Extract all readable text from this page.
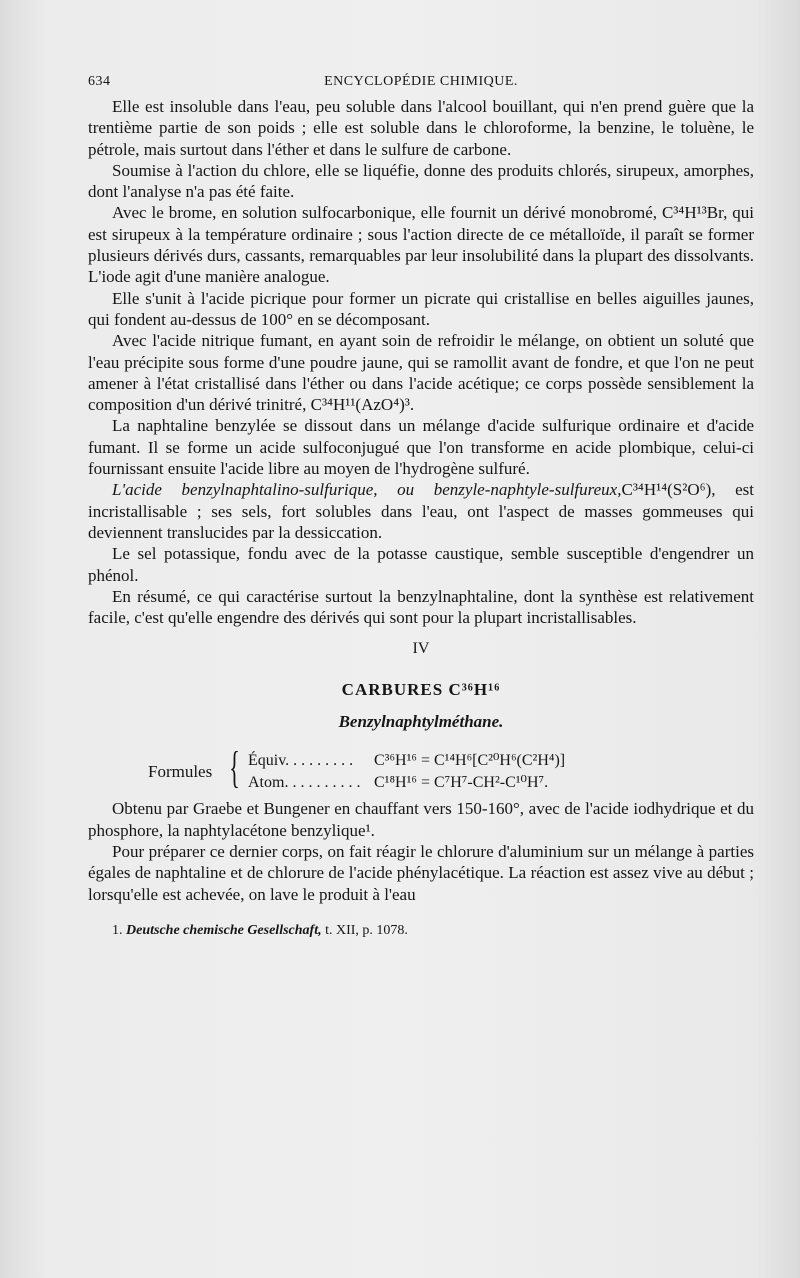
634	ENCYCLOPÉDIE CHIMIQUE.

Elle est insoluble dans l'eau, peu soluble dans l'alcool bouillant, qui n'en prend guère que la trentième partie de son poids ; elle est soluble dans le chloroforme, la benzine, le toluène, le pétrole, mais surtout dans l'éther et dans le sulfure de carbone.

Soumise à l'action du chlore, elle se liquéfie, donne des produits chlorés, sirupeux, amorphes, dont l'analyse n'a pas été faite.

Avec le brome, en solution sulfocarbonique, elle fournit un dérivé monobromé, C³⁴H¹³Br, qui est sirupeux à la température ordinaire ; sous l'action directe de ce métalloïde, il paraît se former plusieurs dérivés durs, cassants, remarquables par leur insolubilité dans la plupart des dissolvants. L'iode agit d'une manière analogue.

Elle s'unit à l'acide picrique pour former un picrate qui cristallise en belles aiguilles jaunes, qui fondent au-dessus de 100° en se décomposant.

Avec l'acide nitrique fumant, en ayant soin de refroidir le mélange, on obtient un soluté que l'eau précipite sous forme d'une poudre jaune, qui se ramollit avant de fondre, et que l'on ne peut amener à l'état cristallisé dans l'éther ou dans l'acide acétique; ce corps possède sensiblement la composition d'un dérivé trinitré, C³⁴H¹¹(AzO⁴)³.

La naphtaline benzylée se dissout dans un mélange d'acide sulfurique ordinaire et d'acide fumant. Il se forme un acide sulfoconjugué que l'on transforme en acide plombique, celui-ci fournissant ensuite l'acide libre au moyen de l'hydrogène sulfuré.

L'acide benzylnaphtalino-sulfurique, ou benzyle-naphtyle-sulfureux,C³⁴H¹⁴(S²O⁶), est incristallisable ; ses sels, fort solubles dans l'eau, ont l'aspect de masses gommeuses qui deviennent translucides par la dessiccation.

Le sel potassique, fondu avec de la potasse caustique, semble susceptible d'engendrer un phénol.

En résumé, ce qui caractérise surtout la benzylnaphtaline, dont la synthèse est relativement facile, c'est qu'elle engendre des dérivés qui sont pour la plupart incristallisables.

IV
CARBURES C³⁶H¹⁶
Benzylnaphtylméthane.
Formules { Équiv. . . . . . . . . C³⁶H¹⁶ = C¹⁴H⁶[C²⁰H⁶(C²H⁴)]
Atom. . . . . . . . . . C¹⁸H¹⁶ = C⁷H⁷-CH²-C¹⁰H⁷.

Obtenu par Graebe et Bungener en chauffant vers 150-160°, avec de l'acide iodhydrique et du phosphore, la naphtylacétone benzylique¹.

Pour préparer ce dernier corps, on fait réagir le chlorure d'aluminium sur un mélange à parties égales de naphtaline et de chlorure de l'acide phénylacétique. La réaction est assez vive au début ; lorsqu'elle est achevée, on lave le produit à l'eau

1. Deutsche chemische Gesellschaft, t. XII, p. 1078.
